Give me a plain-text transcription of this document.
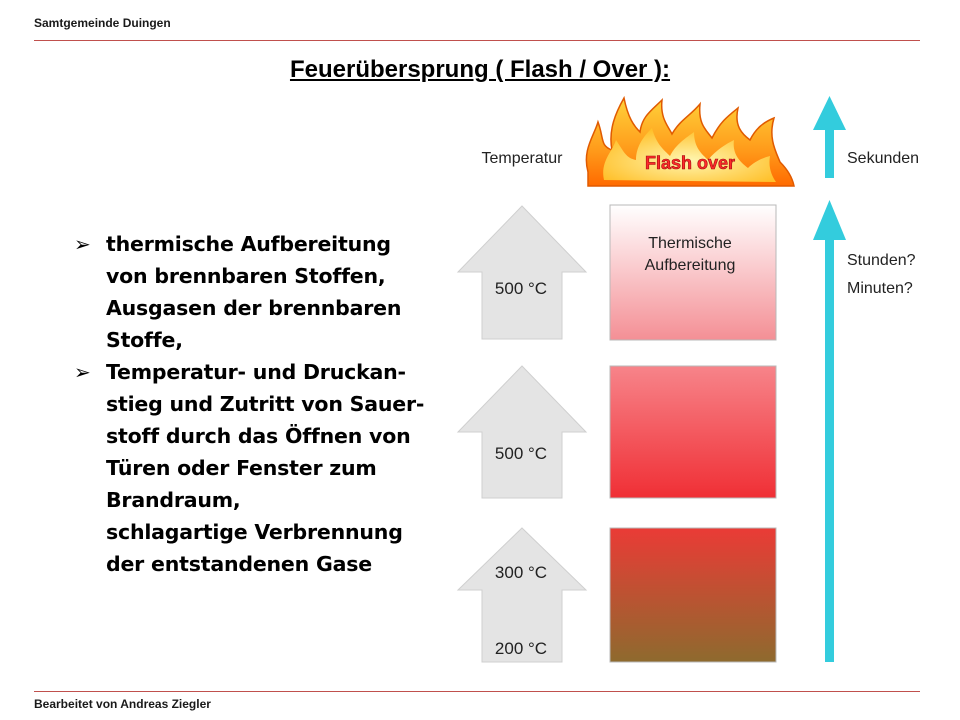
Samtgemeinde Duingen
Feuerübersprung ( Flash / Over ):
➢ thermische Aufbereitung
von brennbaren Stoffen,
Ausgasen der brennbaren
Stoffe,
➢ Temperatur- und Druckan-
stieg und Zutritt von Sauer-
stoff durch das Öffnen von
Türen oder Fenster zum
Brandraum,
schlagartige Verbrennung
der entstandenen Gase
500 °C
500 °C
300 °C
200 °C
Thermische
Aufbereitung
Flash over
Temperatur	Sekunden
Stunden?
Minuten?
Bearbeitet von Andreas Ziegler
